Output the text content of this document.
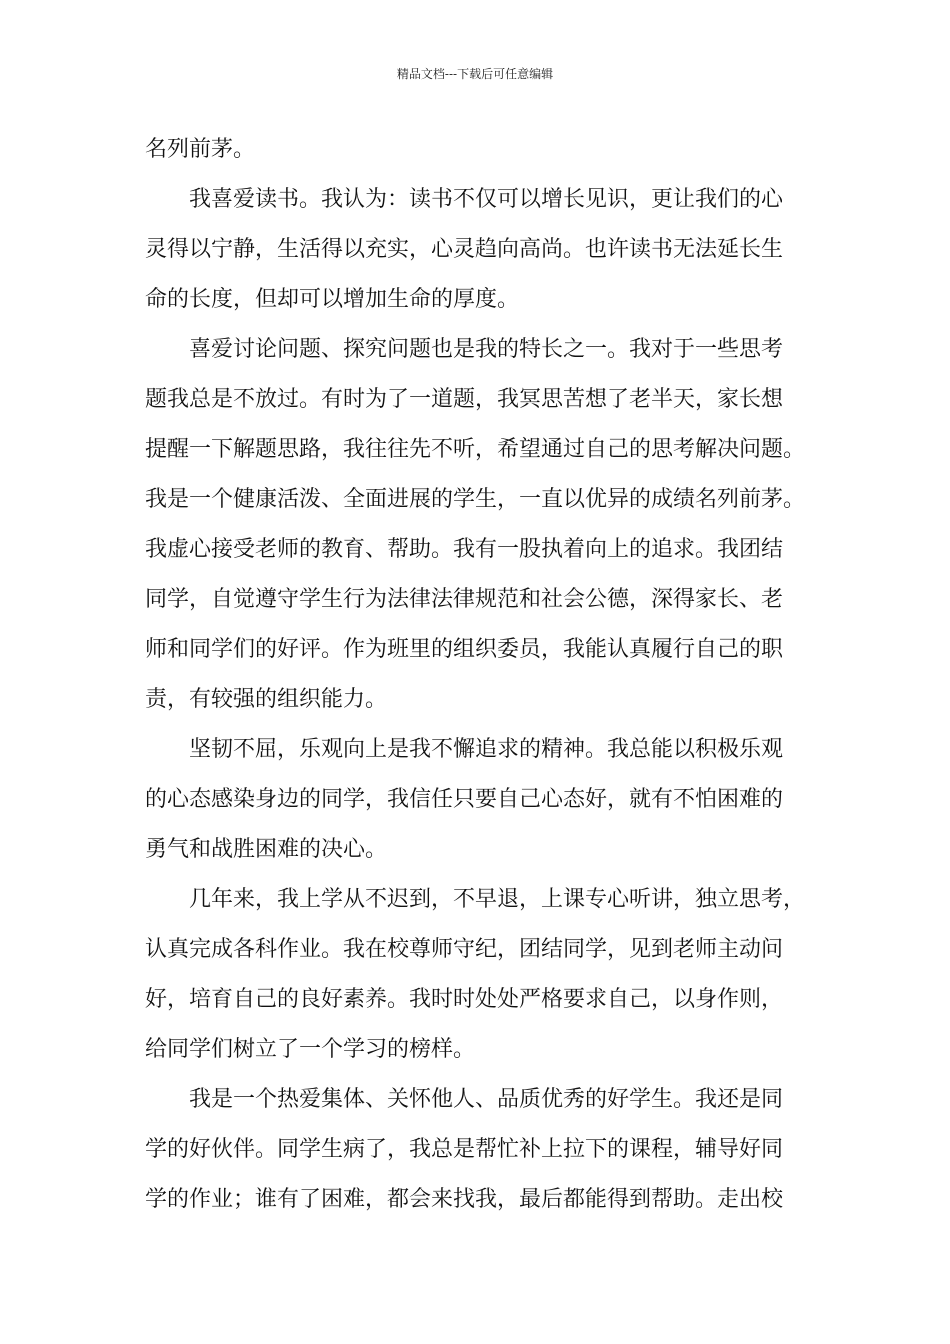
精品文档---下载后可任意编辑
名列前茅。
　　我喜爱读书。我认为：读书不仅可以增长见识，更让我们的心
灵得以宁静，生活得以充实，心灵趋向高尚。也许读书无法延长生
命的长度，但却可以增加生命的厚度。
　　喜爱讨论问题、探究问题也是我的特长之一。我对于一些思考
题我总是不放过。有时为了一道题，我冥思苦想了老半天，家长想
提醒一下解题思路，我往往先不听，希望通过自己的思考解决问题。
我是一个健康活泼、全面进展的学生，一直以优异的成绩名列前茅。
我虚心接受老师的教育、帮助。我有一股执着向上的追求。我团结
同学，自觉遵守学生行为法律法律规范和社会公德，深得家长、老
师和同学们的好评。作为班里的组织委员，我能认真履行自己的职
责，有较强的组织能力。
　　坚韧不屈，乐观向上是我不懈追求的精神。我总能以积极乐观
的心态感染身边的同学，我信任只要自己心态好，就有不怕困难的
勇气和战胜困难的决心。
　　几年来，我上学从不迟到，不早退，上课专心听讲，独立思考，
认真完成各科作业。我在校尊师守纪，团结同学，见到老师主动问
好，培育自己的良好素养。我时时处处严格要求自己，以身作则，
给同学们树立了一个学习的榜样。
　　我是一个热爱集体、关怀他人、品质优秀的好学生。我还是同
学的好伙伴。同学生病了，我总是帮忙补上拉下的课程，辅导好同
学的作业；谁有了困难，都会来找我，最后都能得到帮助。走出校
